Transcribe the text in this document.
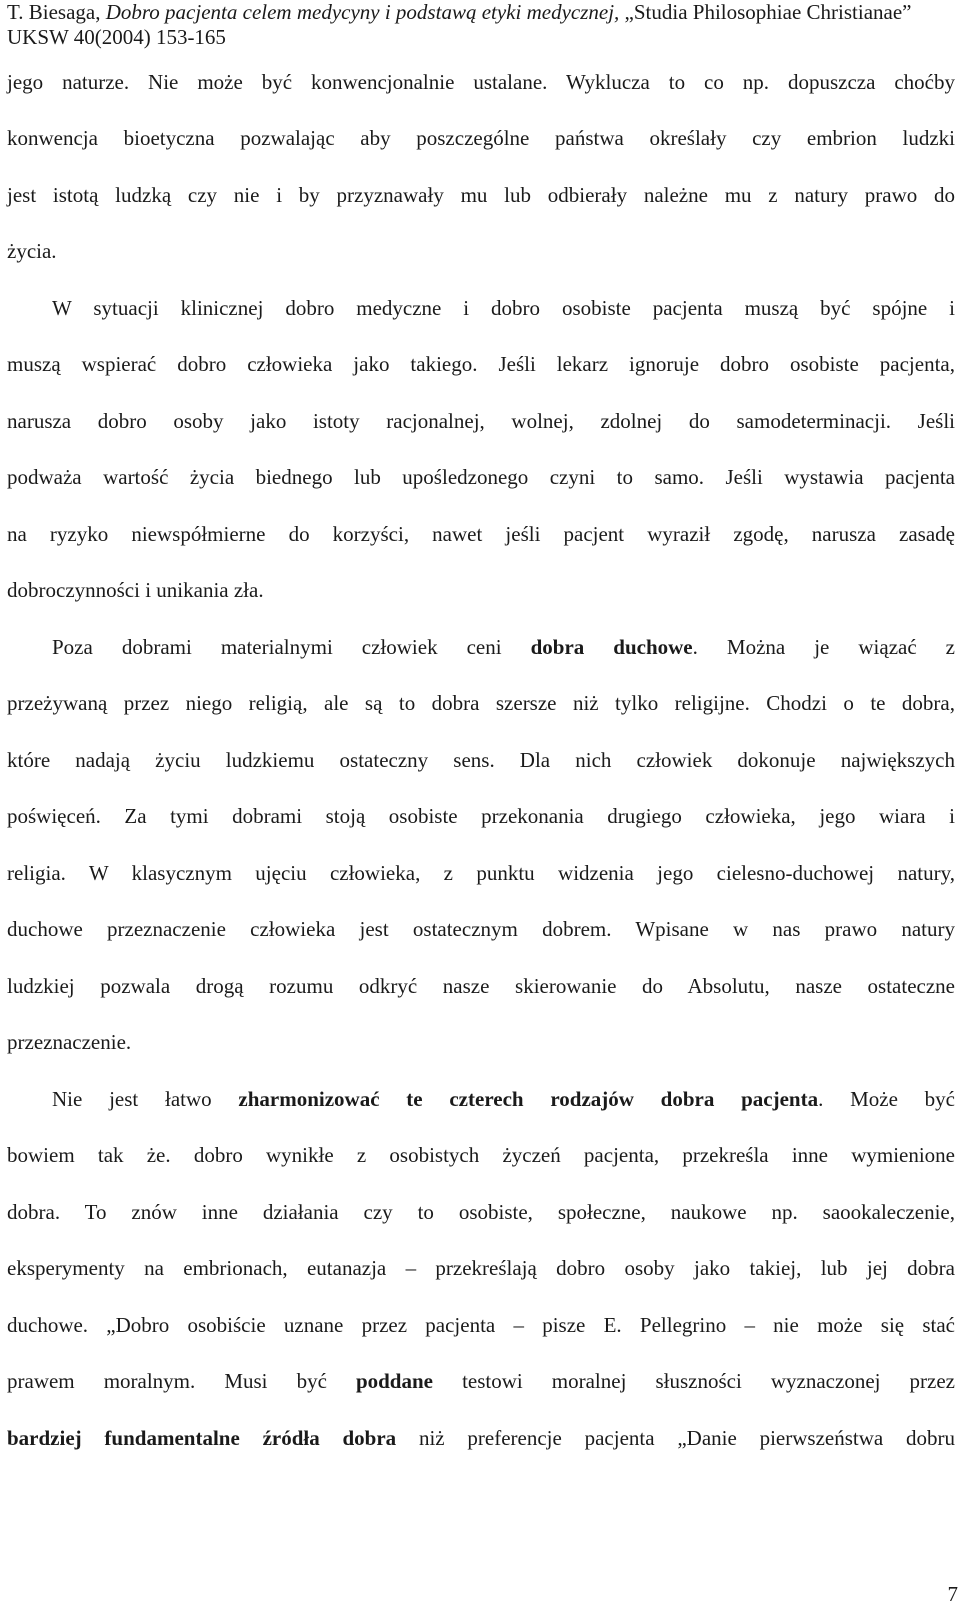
T. Biesaga, Dobro pacjenta celem medycyny i podstawą etyki medycznej, „Studia Philosophiae Christianae” UKSW 40(2004) 153-165
jego naturze. Nie może być konwencjonalnie ustalane. Wyklucza to co np. dopuszcza choćby
konwencja bioetyczna pozwalając aby poszczególne państwa określały czy embrion ludzki
jest istotą ludzką czy nie i by przyznawały mu lub odbierały należne mu z natury prawo do
życia.
W sytuacji klinicznej dobro medyczne i dobro osobiste pacjenta muszą być spójne i
muszą wspierać dobro człowieka jako takiego. Jeśli lekarz ignoruje dobro osobiste pacjenta,
narusza dobro osoby jako istoty racjonalnej, wolnej, zdolnej do samodeterminacji. Jeśli
podważa wartość życia biednego lub upośledzonego czyni to samo. Jeśli wystawia pacjenta
na ryzyko niewspółmierne do korzyści, nawet jeśli pacjent wyraził zgodę, narusza zasadę
dobroczynności i unikania zła.
Poza dobrami materialnymi człowiek ceni dobra duchowe. Można je wiązać z
przeżywaną przez niego religią, ale są to dobra szersze niż tylko religijne. Chodzi o te dobra,
które nadają życiu ludzkiemu ostateczny sens. Dla nich człowiek dokonuje największych
poświęceń. Za tymi dobrami stoją osobiste przekonania drugiego człowieka, jego wiara i
religia. W klasycznym ujęciu człowieka, z punktu widzenia jego cielesno-duchowej natury,
duchowe przeznaczenie człowieka jest ostatecznym dobrem. Wpisane w nas prawo natury
ludzkiej pozwala drogą rozumu odkryć nasze skierowanie do Absolutu, nasze ostateczne
przeznaczenie.
Nie jest łatwo zharmonizować te czterech rodzajów dobra pacjenta. Może być
bowiem tak że. dobro wynikłe z osobistych życzeń pacjenta, przekreśla inne wymienione
dobra. To znów inne działania czy to osobiste, społeczne, naukowe np. saookaleczenie,
eksperymenty na embrionach, eutanazja – przekreślają dobro osoby jako takiej, lub jej dobra
duchowe. „Dobro osobiście uznane przez pacjenta – pisze E. Pellegrino – nie może się stać
prawem moralnym. Musi być poddane testowi moralnej słuszności wyznaczonej przez
bardziej fundamentalne źródła dobra niż preferencje pacjenta „Danie pierwszeństwa dobru
7
